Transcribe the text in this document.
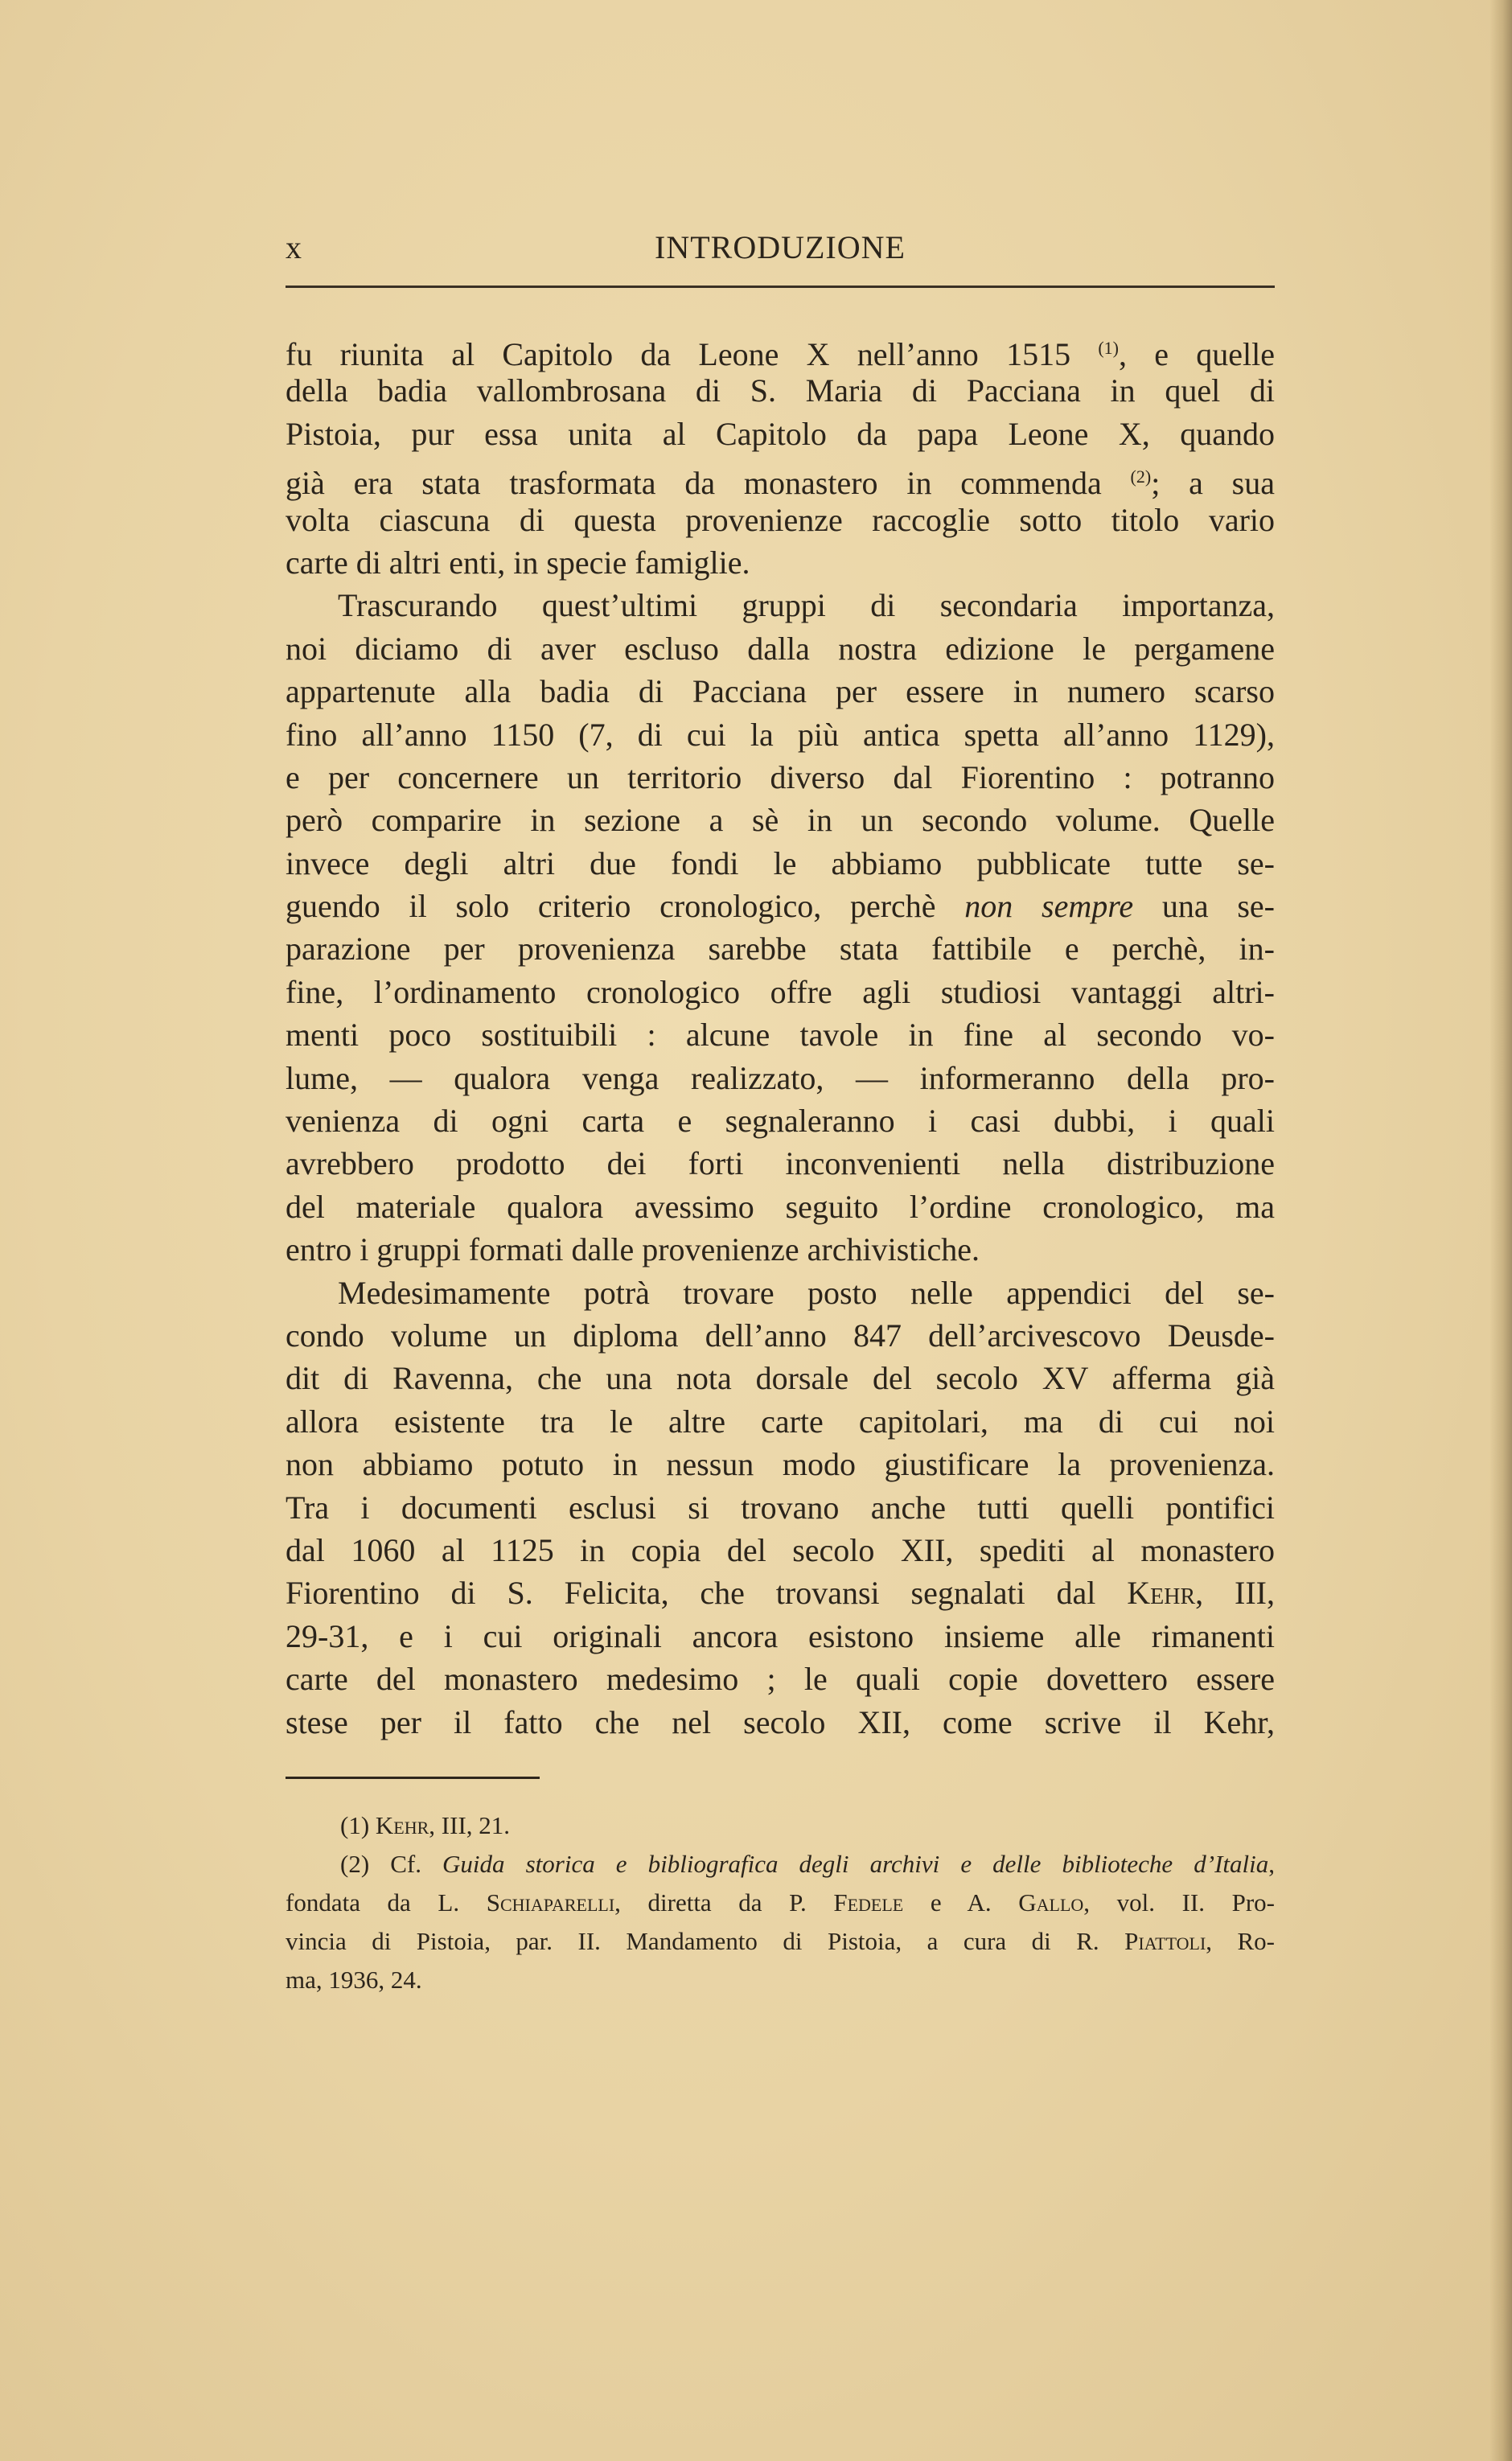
x	INTRODUZIONE
fu riunita al Capitolo da Leone X nell’anno 1515 $^{(1)}$, e quelle
della badia vallombrosana di S. Maria di Pacciana in quel di
Pistoia, pur essa unita al Capitolo da papa Leone X, quando
già era stata trasformata da monastero in commenda $^{(2)}$; a sua
volta ciascuna di questa provenienze raccoglie sotto titolo vario
carte di altri enti, in specie famiglie.
Trascurando quest’ultimi gruppi di secondaria importanza,
noi diciamo di aver escluso dalla nostra edizione le pergamene
appartenute alla badia di Pacciana per essere in numero scarso
fino all’anno 1150 (7, di cui la più antica spetta all’anno 1129),
e per concernere un territorio diverso dal Fiorentino : potranno
però comparire in sezione a sè in un secondo volume. Quelle
invece degli altri due fondi le abbiamo pubblicate tutte se-
guendo il solo criterio cronologico, perchè non sempre una se-
parazione per provenienza sarebbe stata fattibile e perchè, in-
fine, l’ordinamento cronologico offre agli studiosi vantaggi altri-
menti poco sostituibili : alcune tavole in fine al secondo vo-
lume, — qualora venga realizzato, — informeranno della pro-
venienza di ogni carta e segnaleranno i casi dubbi, i quali
avrebbero prodotto dei forti inconvenienti nella distribuzione
del materiale qualora avessimo seguito l’ordine cronologico, ma
entro i gruppi formati dalle provenienze archivistiche.
Medesimamente potrà trovare posto nelle appendici del se-
condo volume un diploma dell’anno 847 dell’arcivescovo Deusde-
dit di Ravenna, che una nota dorsale del secolo XV afferma già
allora esistente tra le altre carte capitolari, ma di cui noi
non abbiamo potuto in nessun modo giustificare la provenienza.
Tra i documenti esclusi si trovano anche tutti quelli pontifici
dal 1060 al 1125 in copia del secolo XII, spediti al monastero
Fiorentino di S. Felicita, che trovansi segnalati dal Kehr, III,
29-31, e i cui originali ancora esistono insieme alle rimanenti
carte del monastero medesimo ; le quali copie dovettero essere
stese per il fatto che nel secolo XII, come scrive il Kehr,
(1) Kehr, III, 21.
(2) Cf. Guida storica e bibliografica degli archivi e delle biblioteche d’Italia,
fondata da L. Schiaparelli, diretta da P. Fedele e A. Gallo, vol. II. Pro-
vincia di Pistoia, par. II. Mandamento di Pistoia, a cura di R. Piattoli, Ro-
ma, 1936, 24.
